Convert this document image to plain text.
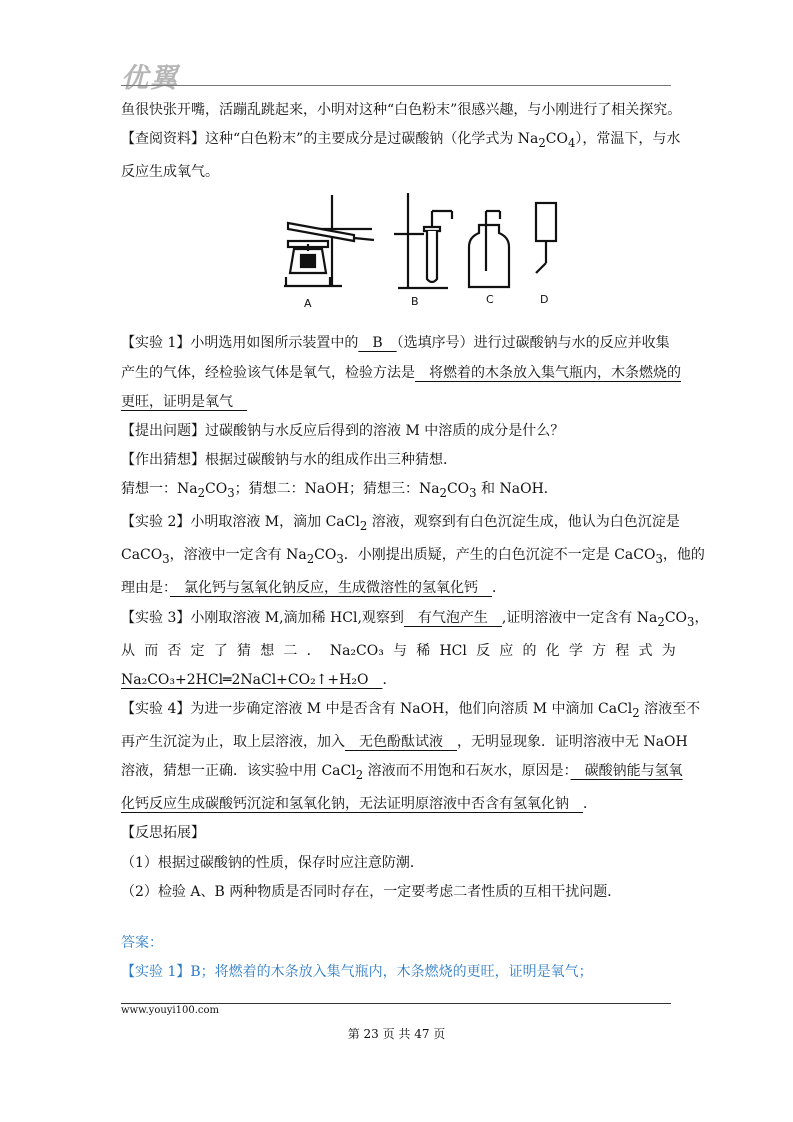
优翼

鱼很快张开嘴，活蹦乱跳起来，小明对这种“白色粉末”很感兴趣，与小刚进行了相关探究。

【查阅资料】这种“白色粉末”的主要成分是过碳酸钠（化学式为 $Na_2CO_4$），常温下，与水

反应生成氧气。

A	B	C	D

【实验 1】小明选用如图所示装置中的　B　（选填序号）进行过碳酸钠与水的反应并收集

产生的气体，经检验该气体是氧气，检验方法是　将燃着的木条放入集气瓶内，木条燃烧的

更旺，证明是氧气　

【提出问题】过碳酸钠与水反应后得到的溶液 M 中溶质的成分是什么？

【作出猜想】根据过碳酸钠与水的组成作出三种猜想．

猜想一：$Na_2CO_3$；猜想二：NaOH；猜想三：$Na_2CO_3$ 和 NaOH．

【实验 2】小明取溶液 M，滴加 CaCl$_2$ 溶液，观察到有白色沉淀生成，他认为白色沉淀是

CaCO$_3$，溶液中一定含有 $Na_2CO_3$．小刚提出质疑，产生的白色沉淀不一定是 CaCO$_3$，他的

理由是：　氯化钙与氢氧化钠反应，生成微溶性的氢氧化钙　．

【实验 3】小刚取溶液 M,滴加稀 HCl,观察到　有气泡产生　,证明溶液中一定含有 $Na_2CO_3$，

从 而 否 定 了 猜 想 二 ． Na₂CO₃ 与 稀 HCl 反 应 的 化 学 方 程 式 为

Na₂CO₃+2HCl═2NaCl+CO₂↑+H₂O　．

【实验 4】为进一步确定溶液 M 中是否含有 NaOH，他们向溶质 M 中滴加 CaCl$_2$ 溶液至不

再产生沉淀为止，取上层溶液，加入　无色酚酞试液　，无明显现象．证明溶液中无 NaOH

溶液，猜想一正确．该实验中用 CaCl$_2$ 溶液而不用饱和石灰水，原因是：　碳酸钠能与氢氧

化钙反应生成碳酸钙沉淀和氢氧化钠，无法证明原溶液中否含有氢氧化钠　．

【反思拓展】

（1）根据过碳酸钠的性质，保存时应注意防潮．

（2）检验 A、B 两种物质是否同时存在，一定要考虑二者性质的互相干扰问题．

答案：

【实验 1】B；将燃着的木条放入集气瓶内，木条燃烧的更旺，证明是氧气；

www.youyi100.com
第 23 页 共 47 页
